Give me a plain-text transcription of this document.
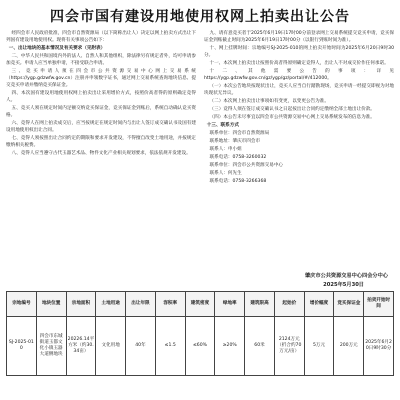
四会市国有建设用地使用权网上拍卖出让公告

经四会市人民政府批准，四会市自然资源局（以下简称出让人）决定以网上拍卖方式出让下列国有建设用地使用权。现将有关事项公告如下：

一、出让地块的基本情况及有关要求（见附表）

二、中华人民共和国境内外的法人、自然人和其他组织，除法律另有规定者外，均可申请参加竞买。申请人应当单独申请，不接受联合申请。

三、竞买申请人须在四会市公共资源交易中心网上交易系统（https://ygp.gdzwfw.gov.cn）注册并申领数字证书，通过网上交易系统查询地块信息、提交竞买申请并缴纳竞买保证金。

四、本次国有建设用地使用权网上拍卖出让采用增价方式，按照价高者得的原则确定竞得人。

五、竞买人须在规定时间内足额交纳竞买保证金，竞买保证金到账后，系统自动确认竞买资格。

六、竞得人在网上拍卖成交后，应当按规定在规定时间内与出让人签订成交确认书及国有建设用地使用权出让合同。

七、竞得人须按照出让合同约定的期限和要求开发建设，不得擅自改变土地用途，并按规定缴纳相关税费。

八、竞得人应当遵守古代玉器艺术品、物件文化产业相关规划要求，依法依规开发建设。

九、请有意竞买者于2025年6月19日17时00分前登录网上交易系统提交竞买申请，竞买保证金到账截止时间为2025年6月19日17时00分（以银行到账时间为准）。

十、网上挂牌时间：宗地编号SJ-2025-010的网上拍卖开始时间为2025年6月20日9时30分。

十一、本次网上拍卖出让按照价高者得原则确定竞得人，出让人不对成交价作任何承诺。

十二、其他需要公告的事项：详见https://ygp.gdzwfw.gov.cn/gz/ygp/gz/portal/#/412000。

（一）本次公告地块按现状出让，竞买人应当自行踏勘现场，竞买申请一经提交即视为对地块现状无异议。

（二）本次网上拍卖出让事项如有变更，以变更公告为准。

（三）竞得人须在签订成交确认书之日起按出让合同约定缴纳全部土地出让价款。

（四）本公告未尽事宜以四会市公共资源交易中心网上交易系统发布的信息为准。

十三、联系方式

联系单位：四会市自然资源局

联系地址：肇庆市四会市

联系人：申小姐

联系电话：0758-3260032

联系单位：四会市公共资源交易中心

联系人：何先生

联系电话：0758-3266368

肇庆市公共资源交易中心四会分中心
2025年5月30日
宗地编号	地块位置	宗地面积	土地用途	出让年限	容积率	建筑密度	绿地率	建筑限高	起始价	增价幅度	竞买保证金	拍卖开始时间
SJ-2025-010	四会市东城街道玉都文化小镇玉器大道侧地块	20226.14平方米（约30.34亩）	文化用地	40年	≤1.5	≤60%	≥20%	60米	2124万元（折合约70万元/亩）	5万元	200万元	2025年6月20日9时30分
